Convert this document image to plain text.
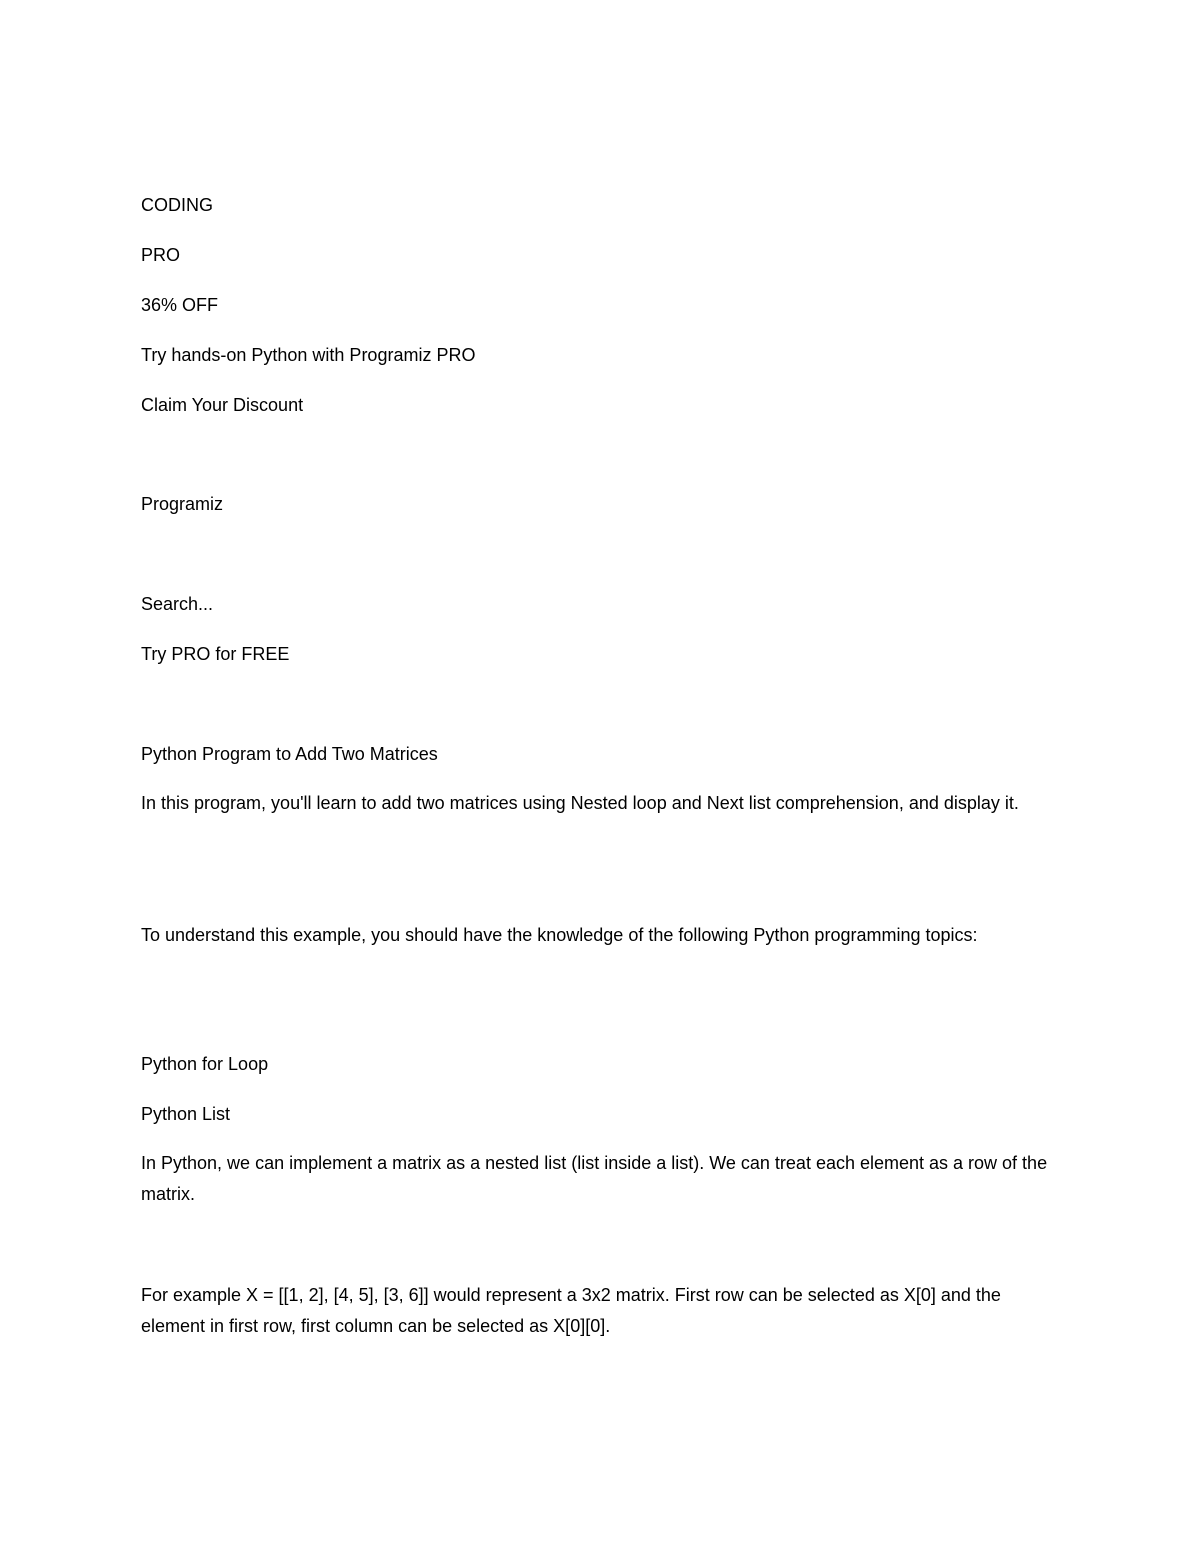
CODING

PRO

36% OFF

Try hands-on Python with Programiz PRO

Claim Your Discount

Programiz

Search...

Try PRO for FREE

Python Program to Add Two Matrices

In this program, you'll learn to add two matrices using Nested loop and Next list comprehension, and display it.

To understand this example, you should have the knowledge of the following Python programming topics:

Python for Loop

Python List

In Python, we can implement a matrix as a nested list (list inside a list). We can treat each element as a row of the matrix.

For example X = [[1, 2], [4, 5], [3, 6]] would represent a 3x2 matrix. First row can be selected as X[0] and the element in first row, first column can be selected as X[0][0].
